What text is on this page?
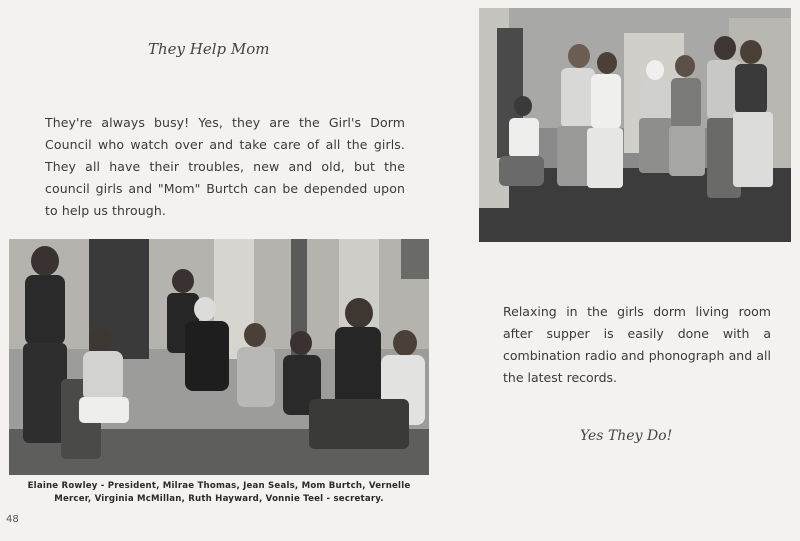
They Help Mom
They're always busy! Yes, they are the Girl's Dorm Council who watch over and take care of all the girls. They all have their troubles, new and old, but the council girls and "Mom" Burtch can be depended upon to help us through.
Elaine Rowley - President, Milrae Thomas, Jean Seals, Mom Burtch, Vernelle Mercer, Virginia McMillan, Ruth Hayward, Vonnie Teel - secretary.
Relaxing in the girls dorm living room after supper is easily done with a combination radio and phonograph and all the latest records.
Yes They Do!
48
